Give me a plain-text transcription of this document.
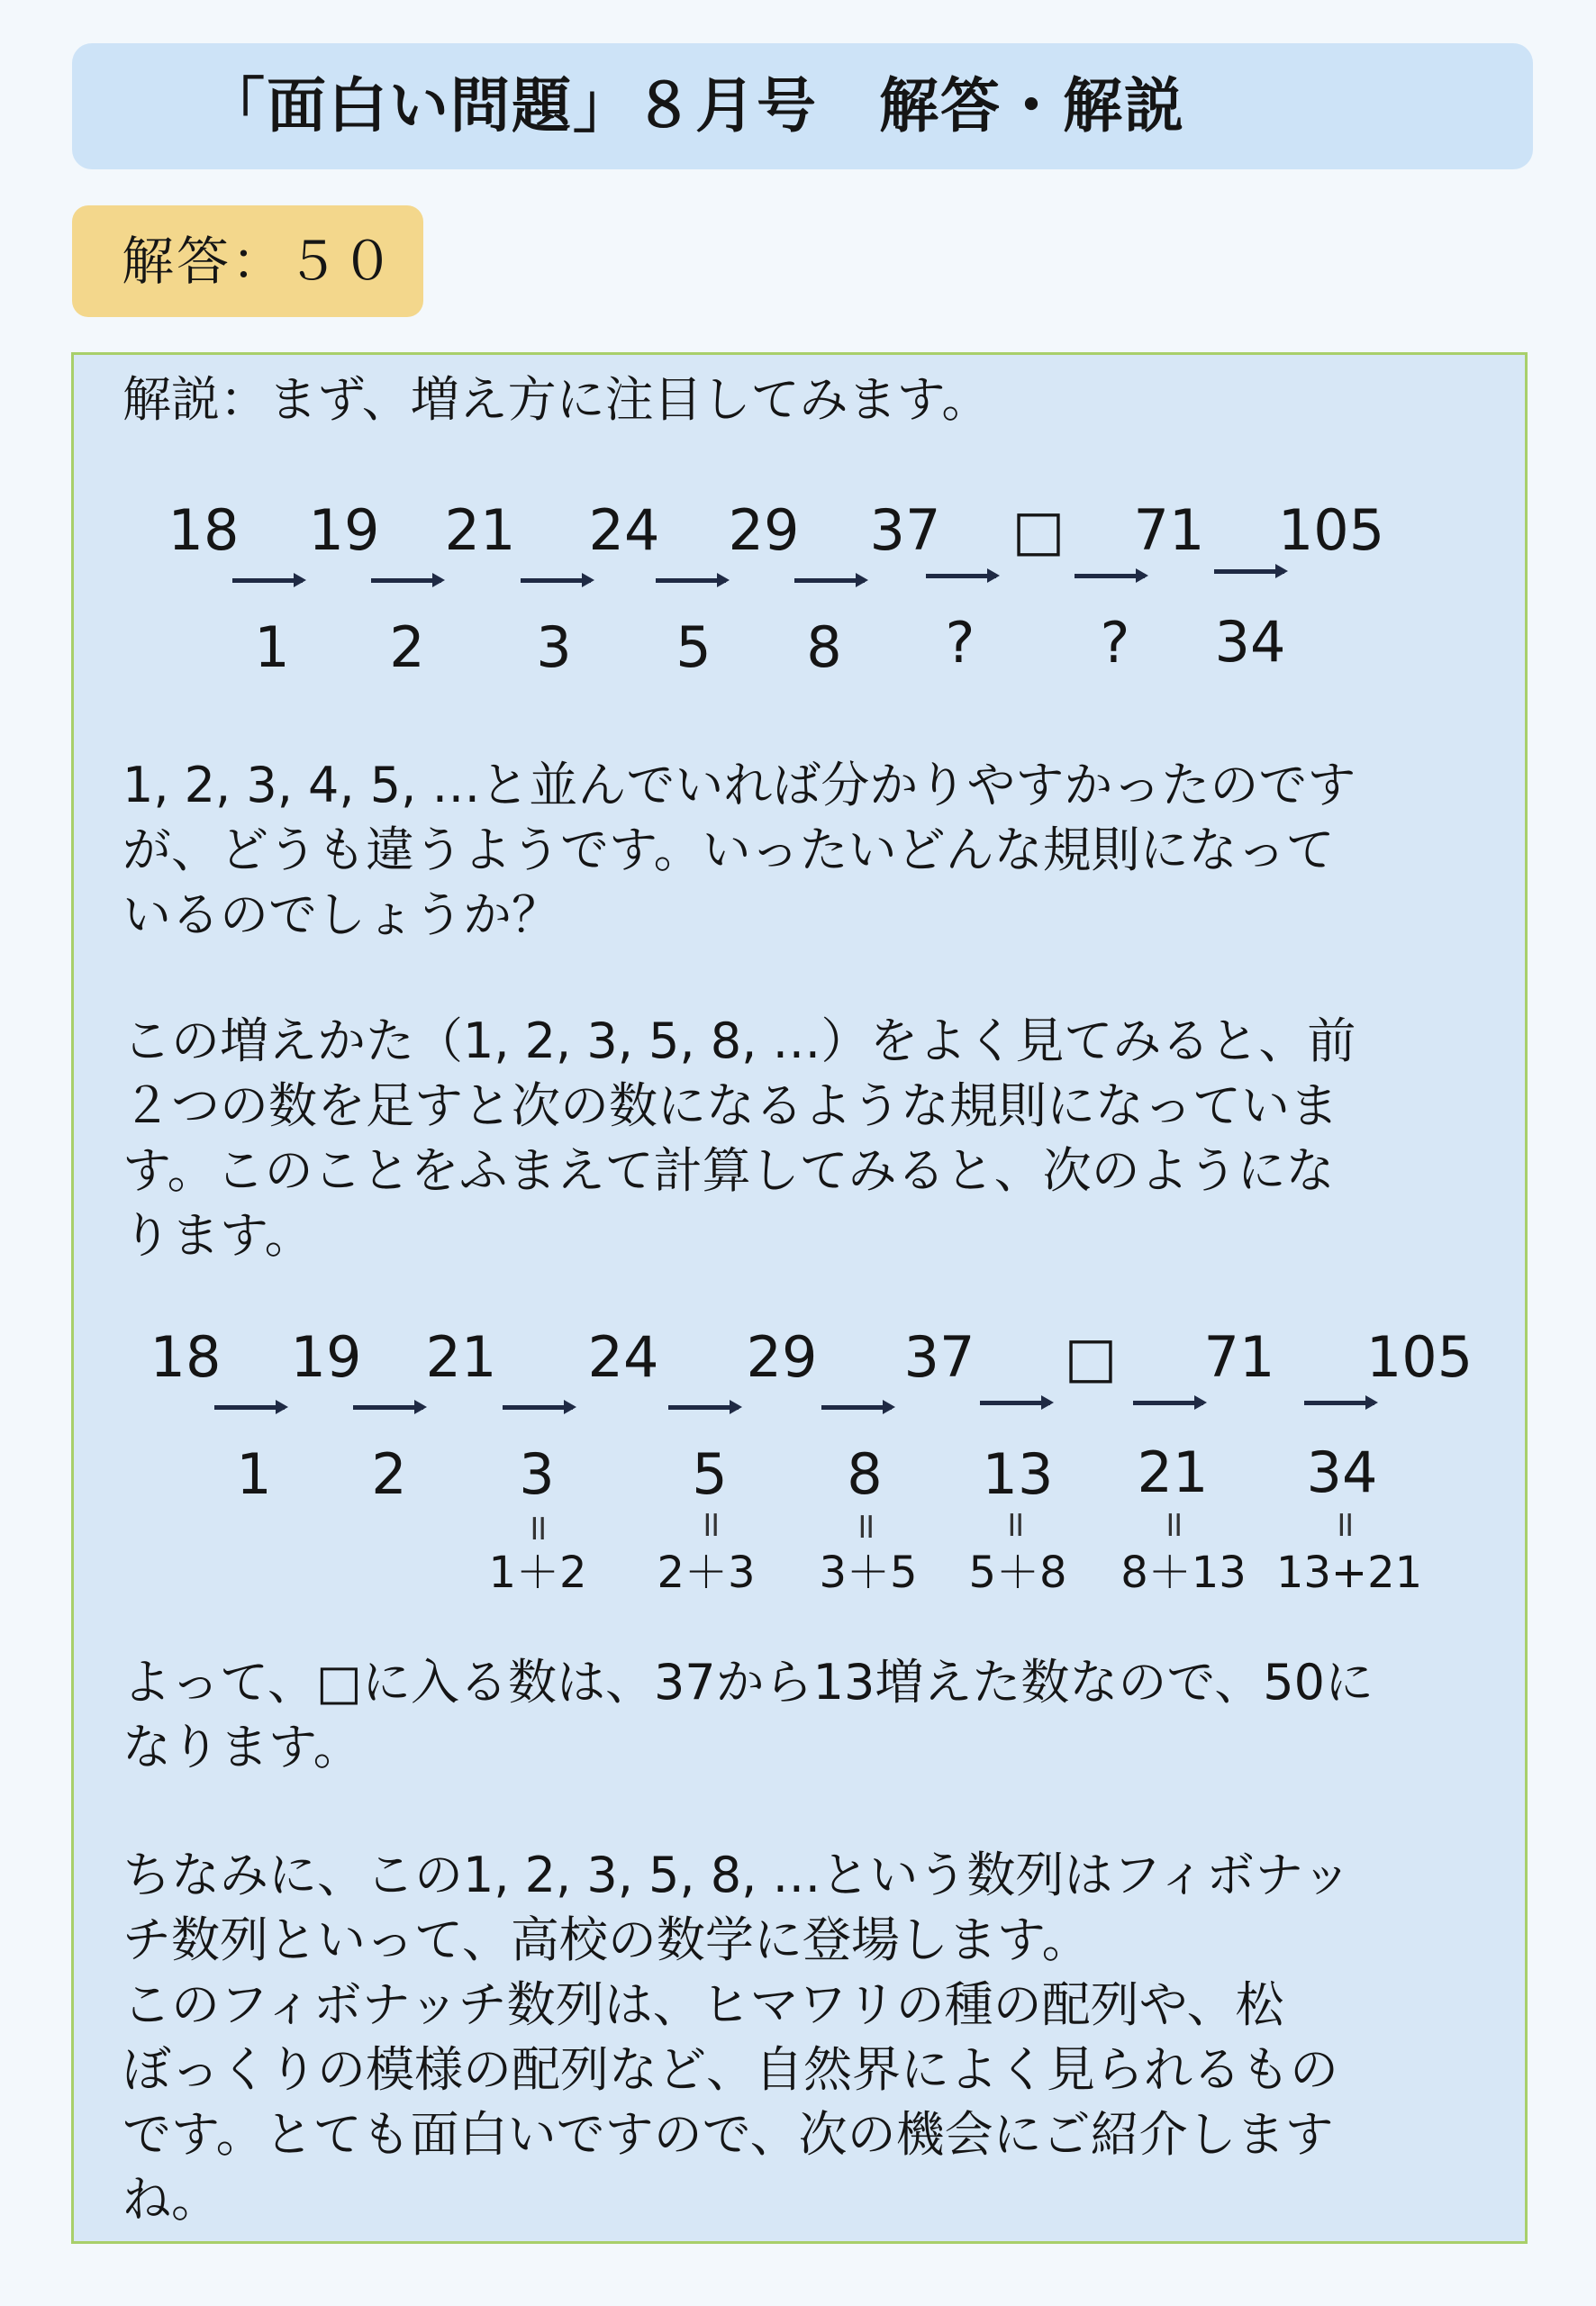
「面白い問題」８月号　解答・解説
解答：５０

解説：まず、増え方に注目してみます。

18 19 21 24 29 37 □ 71 105
1 2 3 5 8 ? ? 34

1, 2, 3, 4, 5, …と並んでいれば分かりやすかったのです
が、どうも違うようです。いったいどんな規則になって
いるのでしょうか？

この増えかた（1, 2, 3, 5, 8, …）をよく見てみると、前
２つの数を足すと次の数になるような規則になっていま
す。このことをふまえて計算してみると、次のようにな
ります。

18 19 21 24 29 37 □ 71 105
1 2 3 5 8 13 21 34
॥	॥	॥	॥	॥	॥
1＋2 2＋3 3＋5 5＋8 8＋13 13+21

よって、□に入る数は、37から13増えた数なので、50に
なります。

ちなみに、この1, 2, 3, 5, 8, …という数列はフィボナッ
チ数列といって、高校の数学に登場します。
このフィボナッチ数列は、ヒマワリの種の配列や、松
ぼっくりの模様の配列など、自然界によく見られるもの
です。とても面白いですので、次の機会にご紹介します
ね。
